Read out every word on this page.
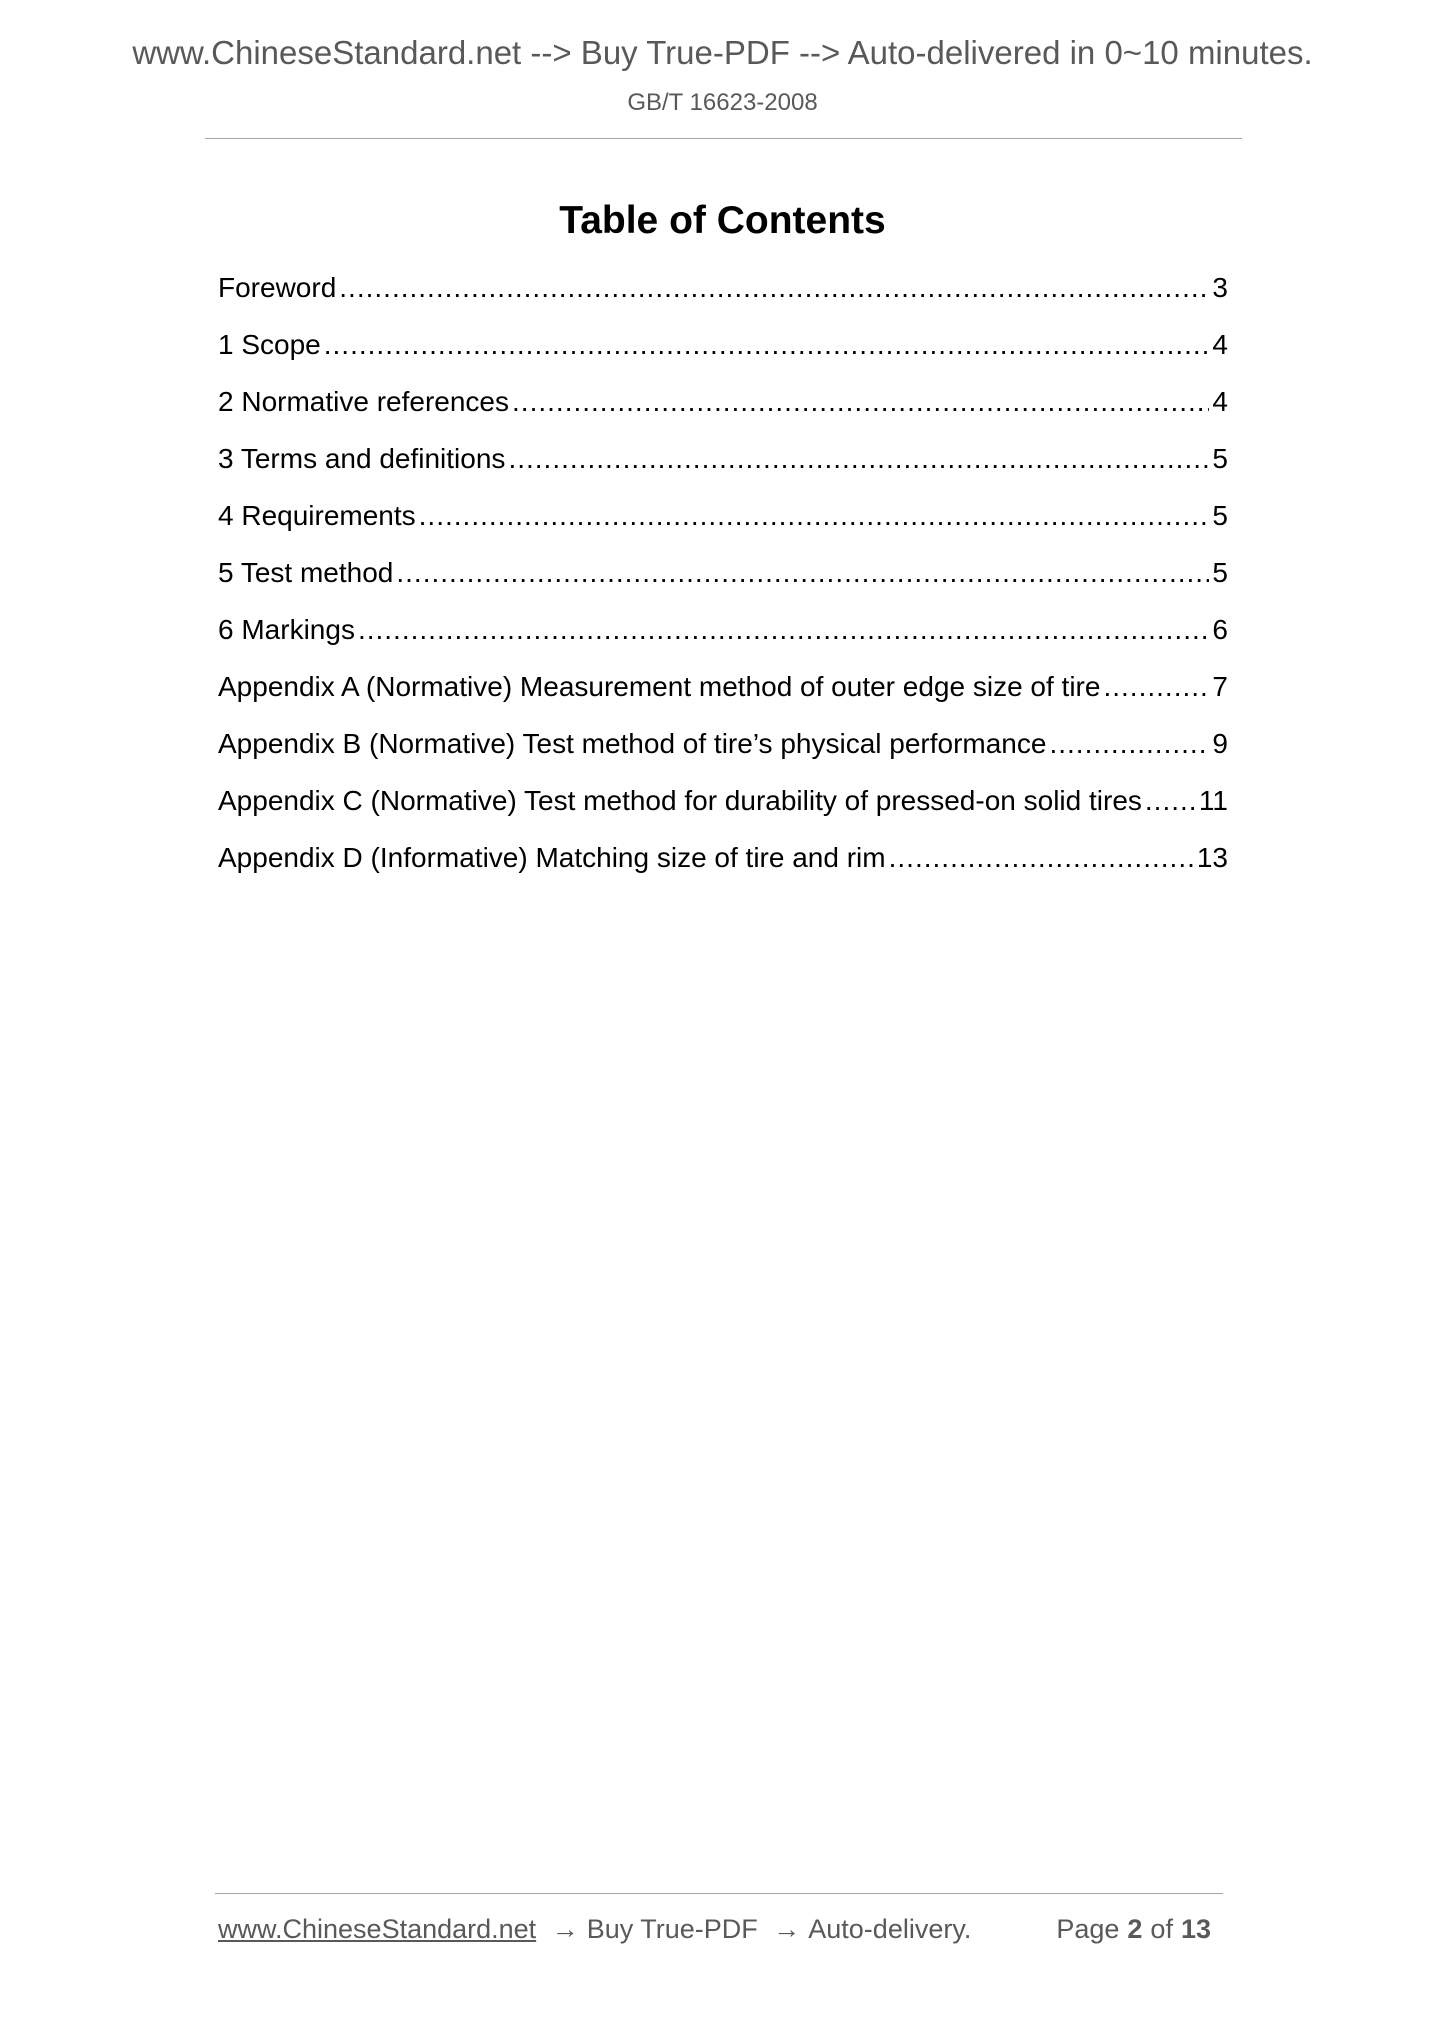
www.ChineseStandard.net --> Buy True-PDF --> Auto-delivered in 0~10 minutes.
GB/T 16623-2008
Table of Contents
Foreword .....	3
1 Scope .....	4
2 Normative references .....	4
3 Terms and definitions .....	5
4 Requirements .....	5
5 Test method .....	5
6 Markings .....	6
Appendix A (Normative) Measurement method of outer edge size of tire .....	7
Appendix B (Normative) Test method of tire’s physical performance .....	9
Appendix C (Normative) Test method for durability of pressed-on solid tires ..... 11
Appendix D (Informative) Matching size of tire and rim .....	13
www.ChineseStandard.net → Buy True-PDF → Auto-delivery.	Page 2 of 13
